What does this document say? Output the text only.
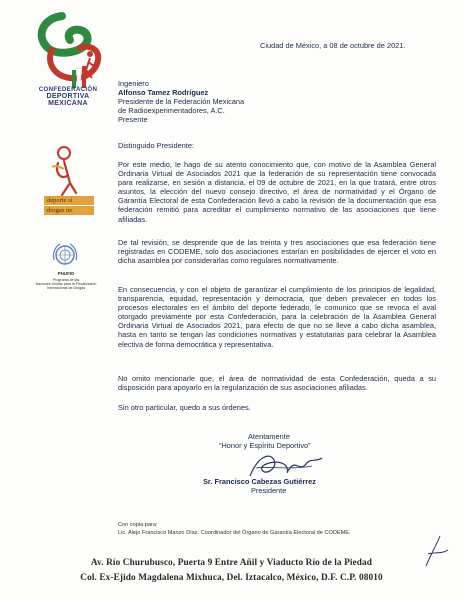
CONFEDERACIÓN
DEPORTIVA
MEXICANA
deporte sí
drogas no
PNUFID
Programa de las
Naciones Unidas para la Fiscalización
Internacional de Drogas
Ciudad de México, a 08 de octubre de 2021.
Ingeniero
Alfonso Tamez Rodríguez
Presidente de la Federación Mexicana
de Radioexperimentadores, A.C.
Presente
Distinguido Presidente:
Por este medio, le hago de su atento conocimiento que, con motivo de la Asamblea General Ordinaria Virtual de Asociados 2021 que la federación de su representación tiene convocada para realizarse, en sesión a distancia, el 09 de octubre de 2021, en la que tratará, entre otros asuntos, la elección del nuevo consejo directivo, el área de normatividad y el Órgano de Garantía Electoral de esta Confederación llevó a cabo la revisión de la documentación que esa federación remitió para acreditar el cumplimiento normativo de las asociaciones que tiene afiliadas.
De tal revisión, se desprende que de las treinta y tres asociaciones que esa federación tiene registradas en CODEME, solo dos asociaciones estarían en posibilidades de ejercer el voto en dicha asamblea por considerarlas como regulares normativamente.
En consecuencia, y con el objeto de garantizar el cumplimiento de los principios de legalidad, transparencia, equidad, representación y democracia, que deben prevalecer en todos los procesos electorales en el ámbito del deporte federado, le comunico que se revoca el aval otorgado previamente por esta Confederación, para la celebración de la Asamblea General Ordinaria Virtual de Asociados 2021, para efecto de que no se lleve a cabo dicha asamblea, hasta en tanto se tengan las condiciones normativas y estatutarias para celebrar la Asamblea electiva de forma democrática y representativa.
No omito mencionarle que, el área de normatividad de esta Confederación, queda a su disposición para apoyarlo en la regularización de sus asociaciones afiliadas.
Sin otro particular, quedo a sus órdenes.
Atentamente
“Honor y Espíritu Deportivo”
Sr. Francisco Cabezas Gutiérrez
Presidente
Con copia para:
Lic. Alejo Francisco Manzo Díaz. Coordinador del Órgano de Garantía Electoral de CODEME.
Av. Río Churubusco, Puerta 9 Entre Añil y Viaducto Río de la Piedad
Col. Ex-Ejido Magdalena Mixhuca, Del. Iztacalco, México, D.F. C.P. 08010
